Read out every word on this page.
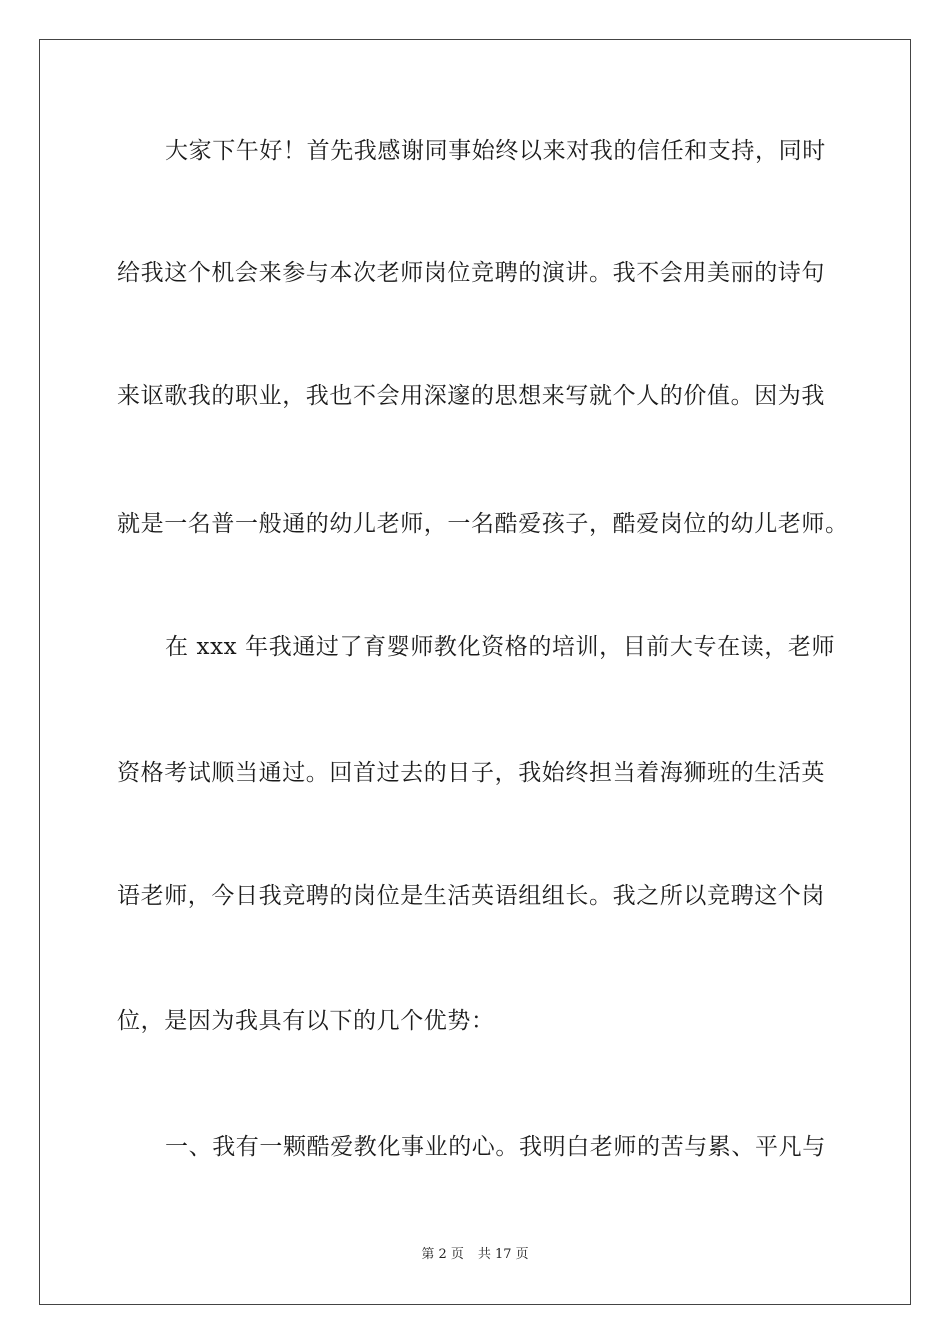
大家下午好！首先我感谢同事始终以来对我的信任和支持，同时
给我这个机会来参与本次老师岗位竞聘的演讲。我不会用美丽的诗句
来讴歌我的职业，我也不会用深邃的思想来写就个人的价值。因为我
就是一名普一般通的幼儿老师，一名酷爱孩子，酷爱岗位的幼儿老师。
在 xxx 年我通过了育婴师教化资格的培训，目前大专在读，老师
资格考试顺当通过。回首过去的日子，我始终担当着海狮班的生活英
语老师，今日我竞聘的岗位是生活英语组组长。我之所以竞聘这个岗
位，是因为我具有以下的几个优势：
一、我有一颗酷爱教化事业的心。我明白老师的苦与累、平凡与
第 2 页 共 17 页
